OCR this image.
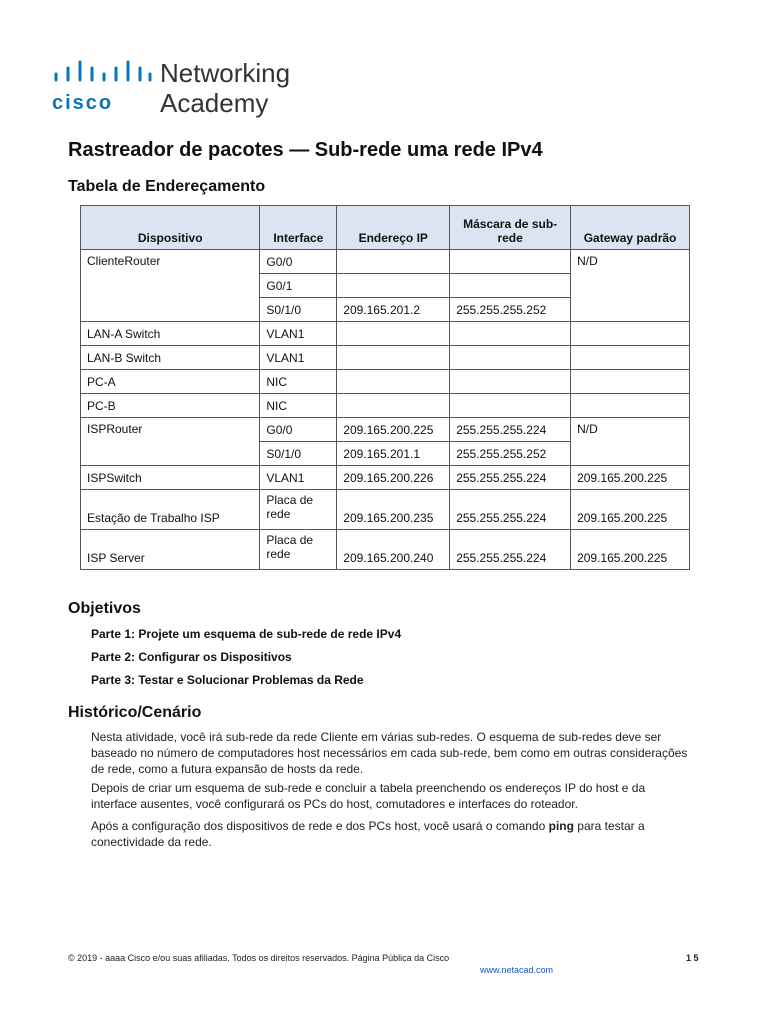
cisco
Networking
Academy
Rastreador de pacotes — Sub-rede uma rede IPv4
Tabela de Endereçamento
Dispositivo	Interface	Endereço IP	Máscara de sub-rede	Gateway padrão
ClienteRouter	G0/0			N/D
	G0/1			
	S0/1/0	209.165.201.2	255.255.255.252	
LAN-A Switch	VLAN1			
LAN-B Switch	VLAN1			
PC-A	NIC			
PC-B	NIC			
ISPRouter	G0/0	209.165.200.225	255.255.255.224	N/D
	S0/1/0	209.165.201.1	255.255.255.252	
ISPSwitch	VLAN1	209.165.200.226	255.255.255.224	209.165.200.225
Estação de Trabalho ISP	Placa de rede	209.165.200.235	255.255.255.224	209.165.200.225
ISP Server	Placa de rede	209.165.200.240	255.255.255.224	209.165.200.225
Objetivos

Parte 1: Projete um esquema de sub-rede de rede IPv4

Parte 2: Configurar os Dispositivos

Parte 3: Testar e Solucionar Problemas da Rede

Histórico/Cenário

Nesta atividade, você irá sub-rede da rede Cliente em várias sub-redes. O esquema de sub-redes deve ser baseado no número de computadores host necessários em cada sub-rede, bem como em outras considerações de rede, como a futura expansão de hosts da rede.

Depois de criar um esquema de sub-rede e concluir a tabela preenchendo os endereços IP do host e da interface ausentes, você configurará os PCs do host, comutadores e interfaces do roteador.

Após a configuração dos dispositivos de rede e dos PCs host, você usará o comando ping para testar a conectividade da rede.

© 2019 - aaaa Cisco e/ou suas afiliadas. Todos os direitos reservados. Página Pública da Cisco	1 5
www.netacad.com
